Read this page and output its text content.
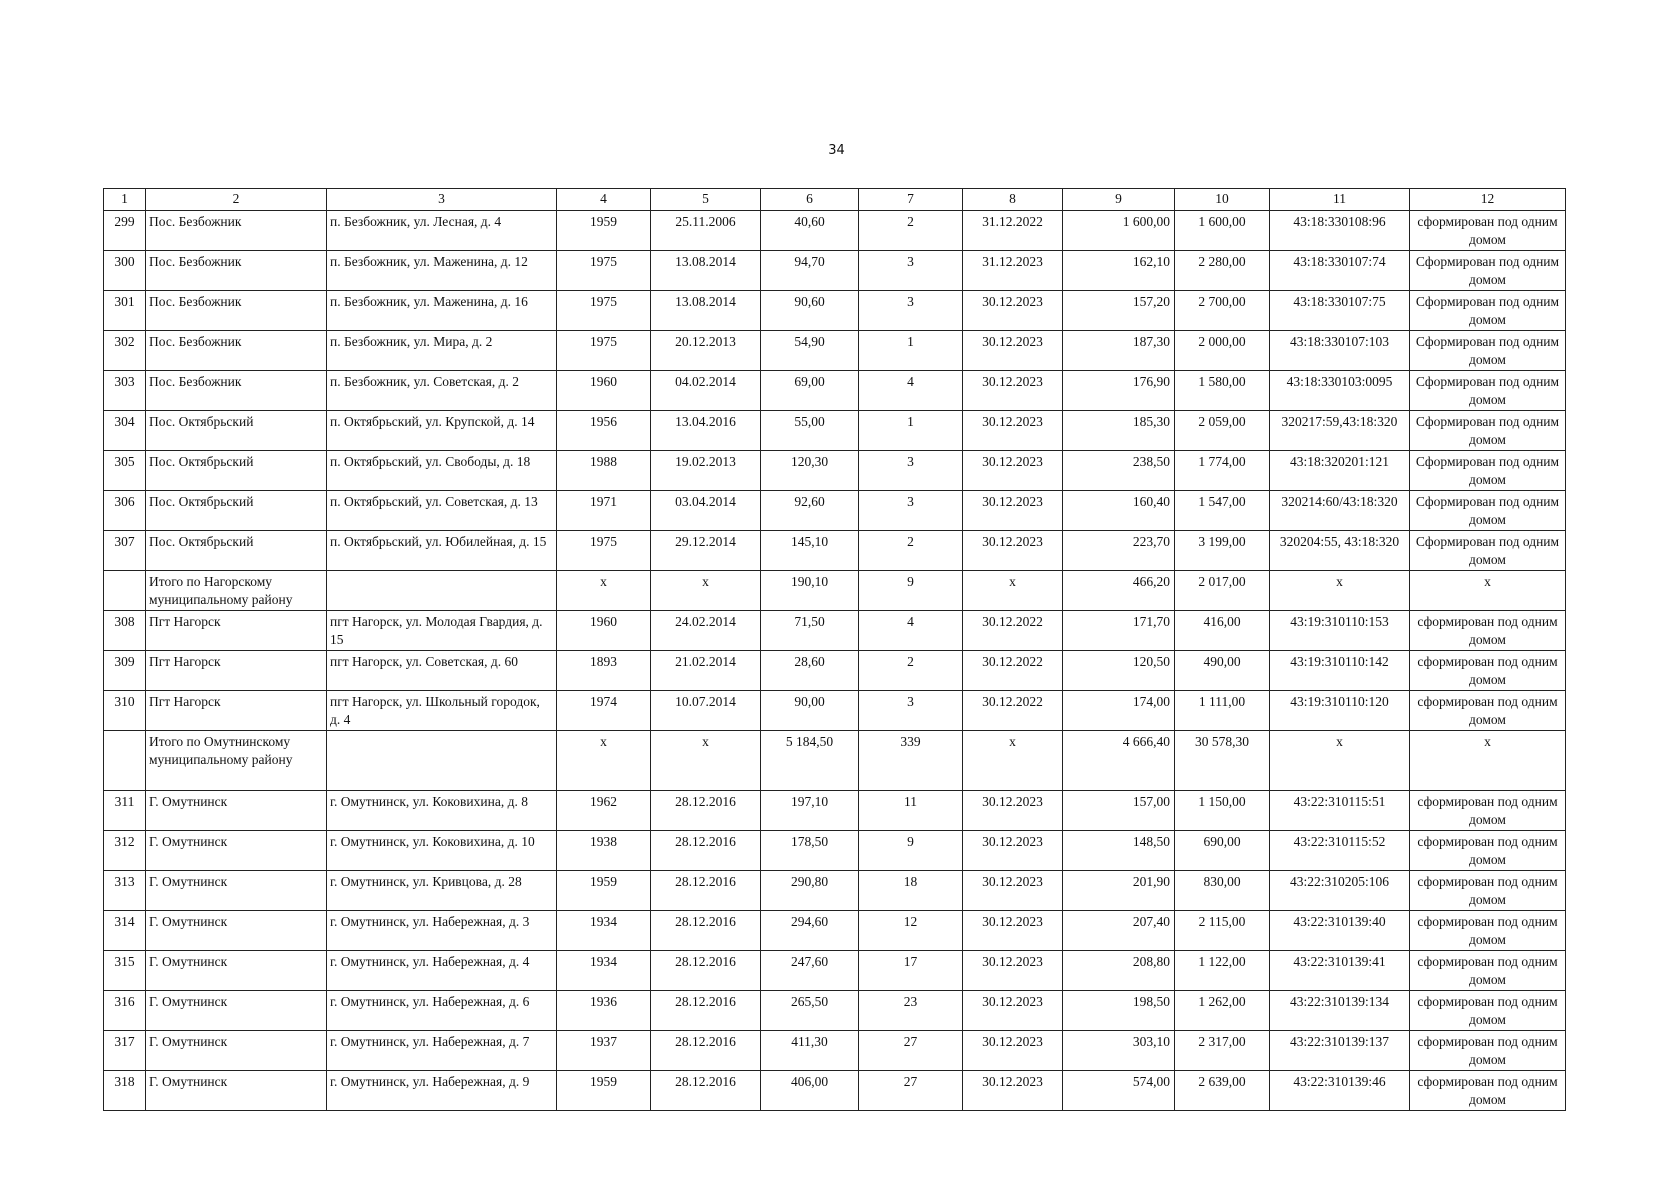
34
1	2	3	4	5	6	7	8	9	10	11	12
299	Пос. Безбожник	п. Безбожник, ул. Лесная, д. 4	1959	25.11.2006	40,60	2	31.12.2022	1 600,00	1 600,00	43:18:330108:96	сформирован под одним домом
300	Пос. Безбожник	п. Безбожник, ул. Маженина, д. 12	1975	13.08.2014	94,70	3	31.12.2023	162,10	2 280,00	43:18:330107:74	Сформирован под одним домом
301	Пос. Безбожник	п. Безбожник, ул. Маженина, д. 16	1975	13.08.2014	90,60	3	30.12.2023	157,20	2 700,00	43:18:330107:75	Сформирован под одним домом
302	Пос. Безбожник	п. Безбожник, ул. Мира, д. 2	1975	20.12.2013	54,90	1	30.12.2023	187,30	2 000,00	43:18:330107:103	Сформирован под одним домом
303	Пос. Безбожник	п. Безбожник, ул. Советская, д. 2	1960	04.02.2014	69,00	4	30.12.2023	176,90	1 580,00	43:18:330103:0095	Сформирован под одним домом
304	Пос. Октябрьский	п. Октябрьский, ул. Крупской, д. 14	1956	13.04.2016	55,00	1	30.12.2023	185,30	2 059,00	320217:59,43:18:320	Сформирован под одним домом
305	Пос. Октябрьский	п. Октябрьский, ул. Свободы, д. 18	1988	19.02.2013	120,30	3	30.12.2023	238,50	1 774,00	43:18:320201:121	Сформирован под одним домом
306	Пос. Октябрьский	п. Октябрьский, ул. Советская, д. 13	1971	03.04.2014	92,60	3	30.12.2023	160,40	1 547,00	320214:60/43:18:320	Сформирован под одним домом
307	Пос. Октябрьский	п. Октябрьский, ул. Юбилейная, д. 15	1975	29.12.2014	145,10	2	30.12.2023	223,70	3 199,00	320204:55, 43:18:320	Сформирован под одним домом
	Итого по Нагорскому муниципальному району		x	x	190,10	9	x	466,20	2 017,00	x	x
308	Пгт Нагорск	пгт Нагорск, ул. Молодая Гвардия, д. 15	1960	24.02.2014	71,50	4	30.12.2022	171,70	416,00	43:19:310110:153	сформирован под одним домом
309	Пгт Нагорск	пгт Нагорск, ул. Советская, д. 60	1893	21.02.2014	28,60	2	30.12.2022	120,50	490,00	43:19:310110:142	сформирован под одним домом
310	Пгт Нагорск	пгт Нагорск, ул. Школьный городок, д. 4	1974	10.07.2014	90,00	3	30.12.2022	174,00	1 111,00	43:19:310110:120	сформирован под одним домом
	Итого по Омутнинскому муниципальному району		x	x	5 184,50	339	x	4 666,40	30 578,30	x	x
311	Г. Омутнинск	г. Омутнинск, ул. Коковихина, д. 8	1962	28.12.2016	197,10	11	30.12.2023	157,00	1 150,00	43:22:310115:51	сформирован под одним домом
312	Г. Омутнинск	г. Омутнинск, ул. Коковихина, д. 10	1938	28.12.2016	178,50	9	30.12.2023	148,50	690,00	43:22:310115:52	сформирован под одним домом
313	Г. Омутнинск	г. Омутнинск, ул. Кривцова, д. 28	1959	28.12.2016	290,80	18	30.12.2023	201,90	830,00	43:22:310205:106	сформирован под одним домом
314	Г. Омутнинск	г. Омутнинск, ул. Набережная, д. 3	1934	28.12.2016	294,60	12	30.12.2023	207,40	2 115,00	43:22:310139:40	сформирован под одним домом
315	Г. Омутнинск	г. Омутнинск, ул. Набережная, д. 4	1934	28.12.2016	247,60	17	30.12.2023	208,80	1 122,00	43:22:310139:41	сформирован под одним домом
316	Г. Омутнинск	г. Омутнинск, ул. Набережная, д. 6	1936	28.12.2016	265,50	23	30.12.2023	198,50	1 262,00	43:22:310139:134	сформирован под одним домом
317	Г. Омутнинск	г. Омутнинск, ул. Набережная, д. 7	1937	28.12.2016	411,30	27	30.12.2023	303,10	2 317,00	43:22:310139:137	сформирован под одним домом
318	Г. Омутнинск	г. Омутнинск, ул. Набережная, д. 9	1959	28.12.2016	406,00	27	30.12.2023	574,00	2 639,00	43:22:310139:46	сформирован под одним домом
